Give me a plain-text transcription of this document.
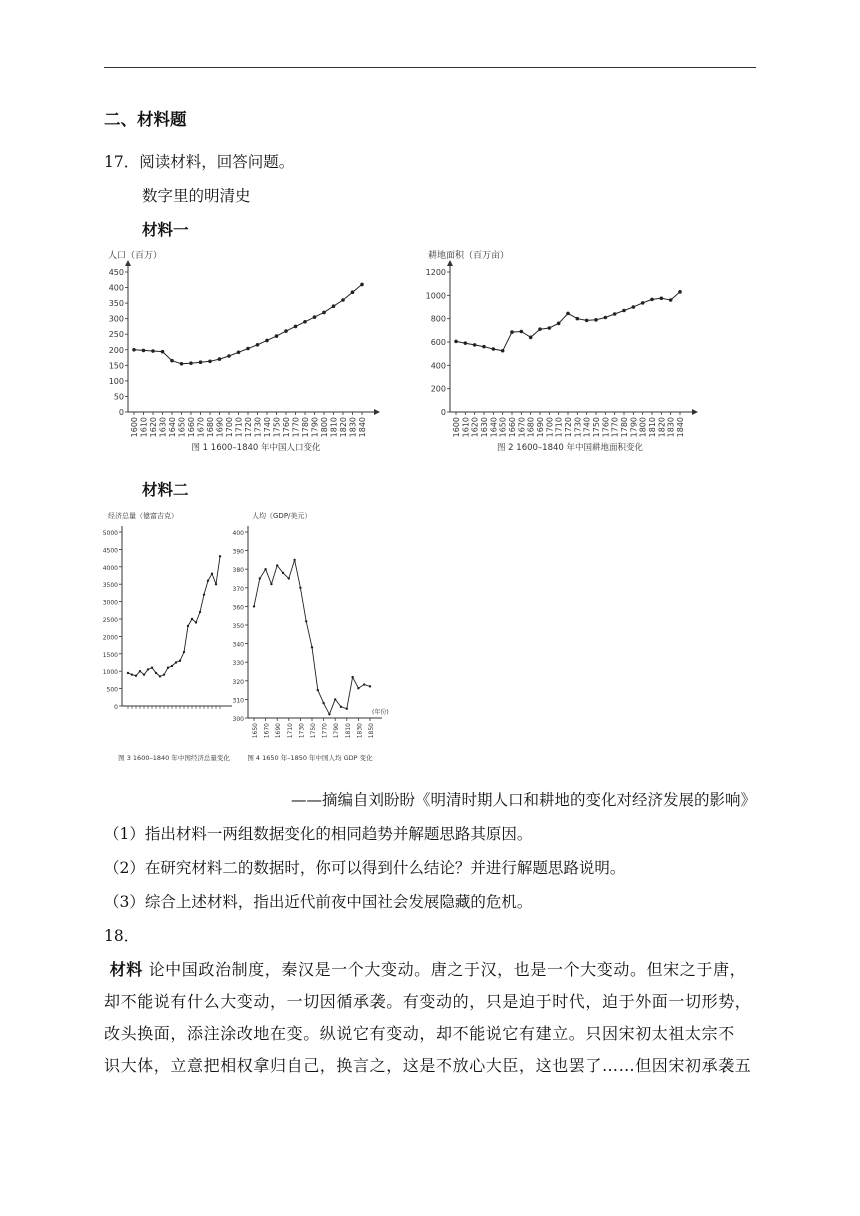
二、材料题
17．阅读材料，回答问题。
数字里的明清史
材料一
0
50
100
150
200
250
300
350
400
450
1600 1610 1620 1630 1640 1650 1660 1670 1680 1690 1700 1710 1720 1730 1740 1750 1760 1770 1780 1790 1800 1810 1820 1830 1840
人口（百万）
图 1 1600–1840 年中国人口变化
0
200
400
600
800
1000
1200
1600 1610 1620 1630 1640 1650 1660 1670 1680 1690 1700 1710 1720 1730 1740 1750 1760 1770 1780 1790 1800 1810 1820 1830 1840
耕地面积（百万亩）
图 2 1600–1840 年中国耕地面积变化
材料二
0
500
1000
1500
2000
2500
3000
3500
4000
4500
5000
经济总量（億富吉克）
图 3 1600–1840 年中国经济总量变化
300
310
320
330
340
350
360
370
380
390
400
1650 1670 1690 1710 1730 1750 1770 1790 1810 1830 1850
人均（GDP/美元）
(年份)
图 4 1650 年–1850 年中国人均 GDP 变化
——摘编自刘盼盼《明清时期人口和耕地的变化对经济发展的影响》
（1）指出材料一两组数据变化的相同趋势并解题思路其原因。
（2）在研究材料二的数据时，你可以得到什么结论？并进行解题思路说明。
（3）综合上述材料，指出近代前夜中国社会发展隐藏的危机。
18．
材料 论中国政治制度，秦汉是一个大变动。唐之于汉，也是一个大变动。但宋之于唐，
却不能说有什么大变动，一切因循承袭。有变动的，只是迫于时代，迫于外面一切形势，
改头换面，添注涂改地在变。纵说它有变动，却不能说它有建立。只因宋初太祖太宗不
识大体，立意把相权拿归自己，换言之，这是不放心大臣，这也罢了……但因宋初承袭五
